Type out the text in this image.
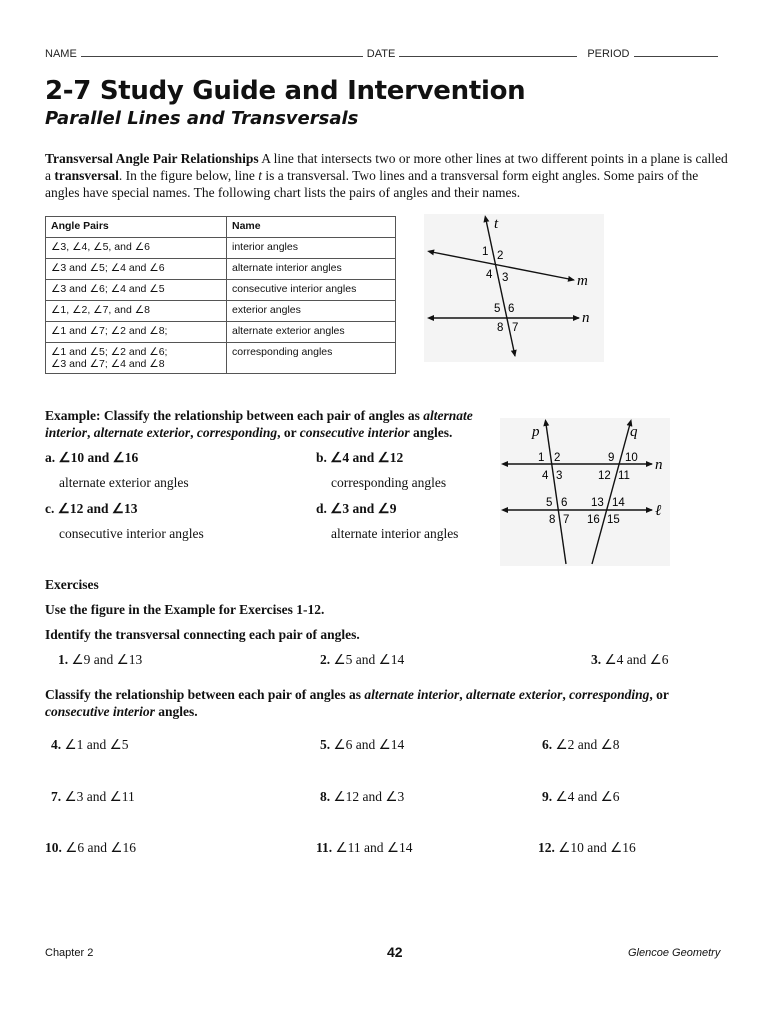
NAME	DATE	PERIOD
2-7 Study Guide and Intervention
Parallel Lines and Transversals
Transversal Angle Pair Relationships A line that intersects two or more other lines at two different points in a plane is called a transversal. In the figure below, line t is a transversal. Two lines and a transversal form eight angles. Some pairs of the angles have special names. The following chart lists the pairs of angles and their names.
Angle Pairs	Name
∠3, ∠4, ∠5, and ∠6	interior angles
∠3 and ∠5; ∠4 and ∠6	alternate interior angles
∠3 and ∠6; ∠4 and ∠5	consecutive interior angles
∠1, ∠2, ∠7, and ∠8	exterior angles
∠1 and ∠7; ∠2 and ∠8;	alternate exterior angles

∠1 and ∠5; ∠2 and ∠6;
∠3 and ∠7; ∠4 and ∠8	corresponding angles
t
m
n
1 2
4 3
5 6
8 7
Example: Classify the relationship between each pair of angles as alternate interior, alternate exterior, corresponding, or consecutive interior angles.
a. ∠10 and ∠16
alternate exterior angles
b. ∠4 and ∠12
corresponding angles
c. ∠12 and ∠13
consecutive interior angles
d. ∠3 and ∠9
alternate interior angles
p	q
n
ℓ
1 2
4 3
9 10
12 11
5 6
8 7
13 14
16 15
Exercises
Use the figure in the Example for Exercises 1-12.
Identify the transversal connecting each pair of angles.
1. ∠9 and ∠13	2. ∠5 and ∠14	3. ∠4 and ∠6
Classify the relationship between each pair of angles as alternate interior, alternate exterior, corresponding, or
consecutive interior angles.
4. ∠1 and ∠5	5. ∠6 and ∠14	6. ∠2 and ∠8
7. ∠3 and ∠11	8. ∠12 and ∠3	9. ∠4 and ∠6
10. ∠6 and ∠16	11. ∠11 and ∠14	12. ∠10 and ∠16
Chapter 2	42	Glencoe Geometry
